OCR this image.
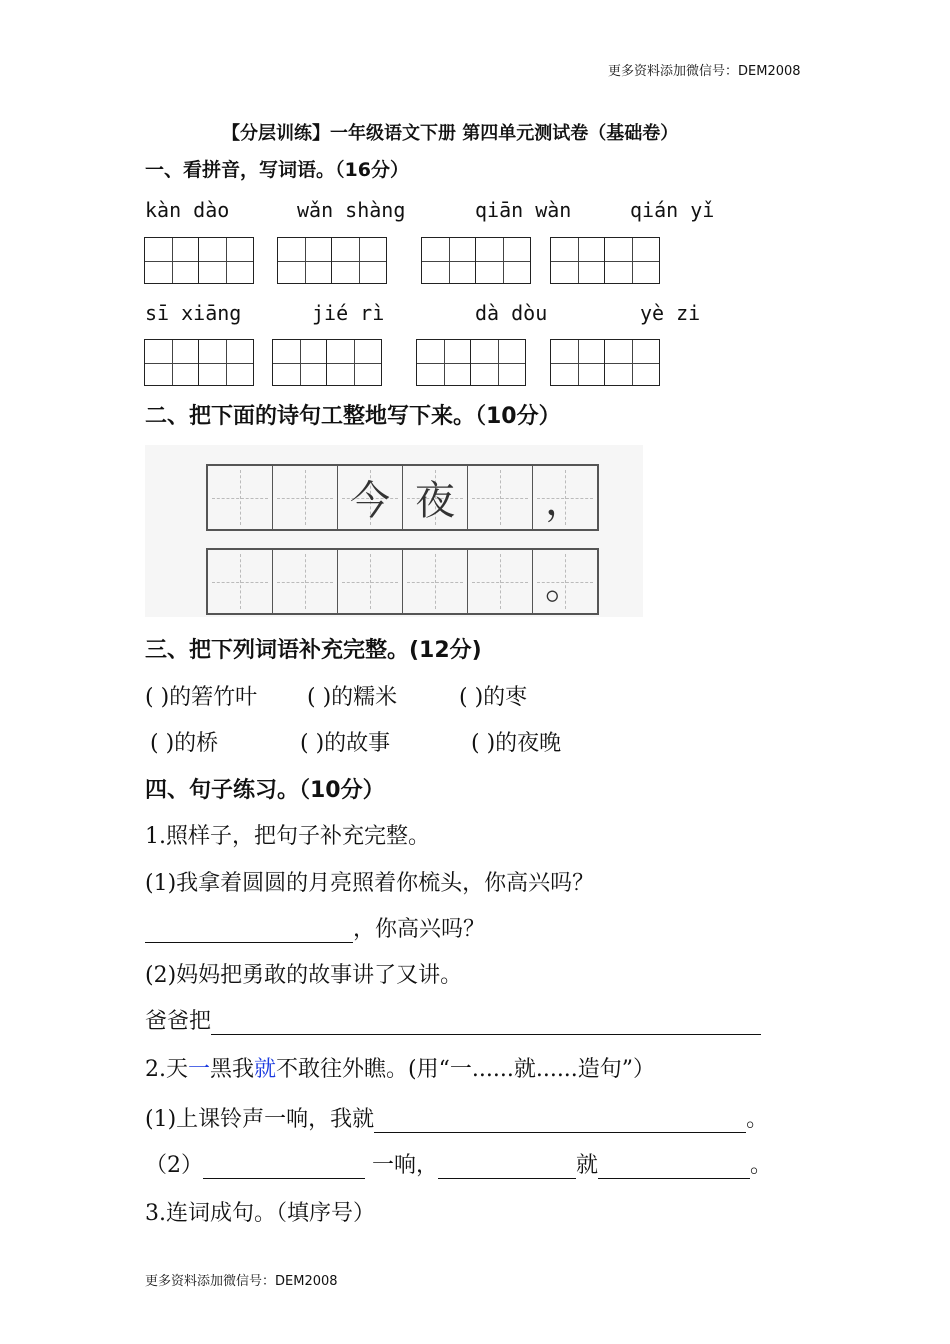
更多资料添加微信号：DEM2008
【分层训练】一年级语文下册 第四单元测试卷（基础卷）
一、看拼音，写词语。（16分）
kàn dào	wǎn shàng	qiān wàn	qián yǐ
sī xiāng	jié rì	dà dòu	yè zi
二、把下面的诗句工整地写下来。（10分）
今 夜 ，
。
三、把下列词语补充完整。(12分)
( )的箬竹叶 ( )的糯米	( )的枣
( )的桥	( )的故事	( )的夜晚
四、句子练习。（10分）
1.照样子，把句子补充完整。
(1)我拿着圆圆的月亮照着你梳头，你高兴吗？
，你高兴吗？
(2)妈妈把勇敢的故事讲了又讲。
爸爸把
2.天一黑我就不敢往外瞧。(用“一......就......造句”）
(1)上课铃声一响，我就	。
（2）	一响，	就	。
3.连词成句。（填序号）
更多资料添加微信号：DEM2008
